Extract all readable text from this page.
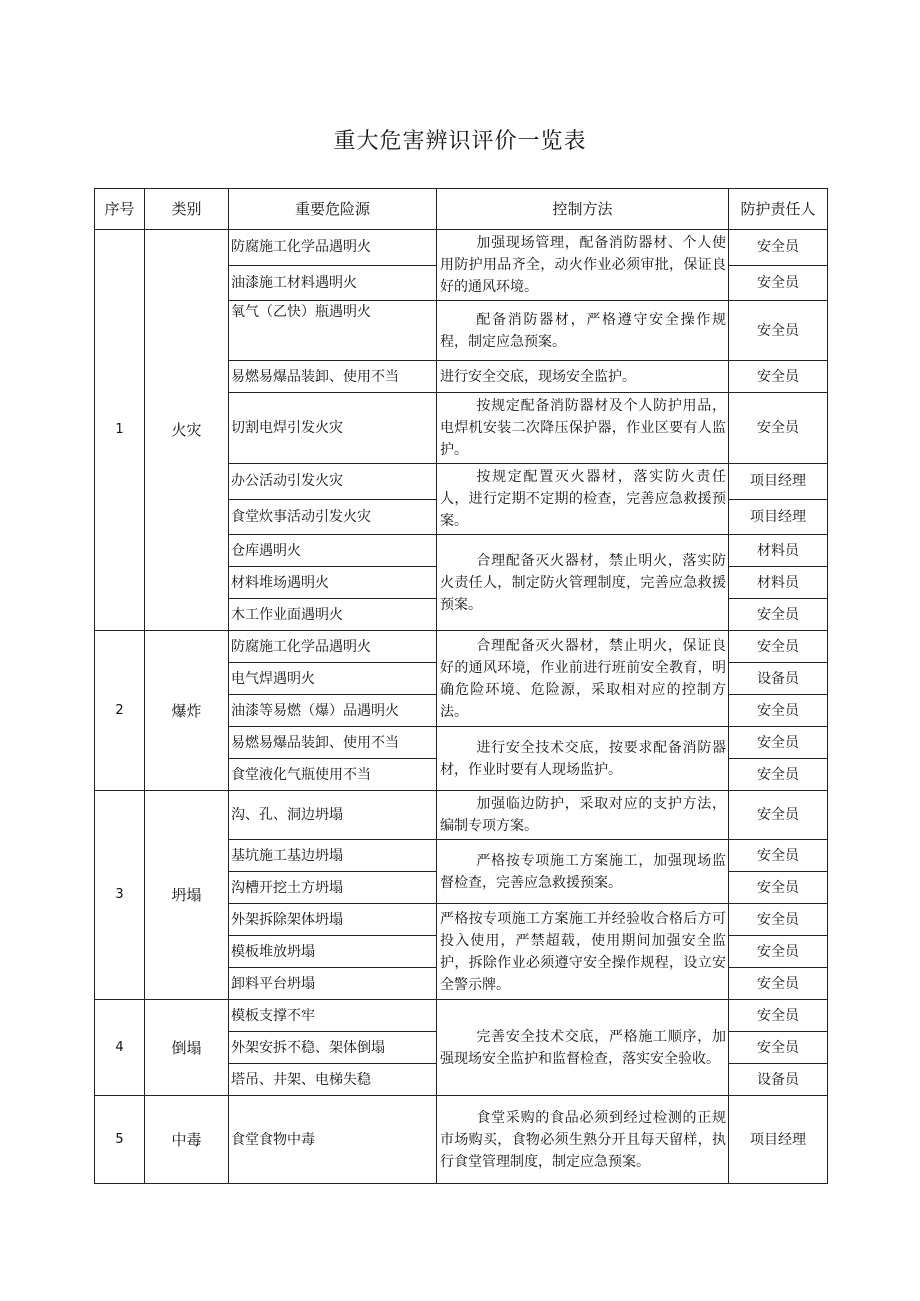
重大危害辨识评价一览表
序号	类别	重要危险源	控制方法	防护责任人
1	火灾	防腐施工化学品遇明火	加强现场管理，配备消防器材、个人使用防护用品齐全，动火作业必须审批，保证良好的通风环境。	安全员
		油漆施工材料遇明火		安全员
		氧气（乙快）瓶遇明火	配备消防器材，严格遵守安全操作规程，制定应急预案。	安全员
		易燃易爆品装卸、使用不当	进行安全交底，现场安全监护。	安全员
		切割电焊引发火灾	按规定配备消防器材及个人防护用品，电焊机安装二次降压保护器，作业区要有人监护。	安全员
		办公活动引发火灾	按规定配置灭火器材，落实防火责任人，进行定期不定期的检查，完善应急救援预案。	项目经理
		食堂炊事活动引发火灾		项目经理
		仓库遇明火	合理配备灭火器材，禁止明火，落实防火责任人，制定防火管理制度，完善应急救援预案。	材料员
		材料堆场遇明火		材料员
		木工作业面遇明火		安全员
2	爆炸	防腐施工化学品遇明火	合理配备灭火器材，禁止明火，保证良好的通风环境，作业前进行班前安全教育，明确危险环境、危险源，采取相对应的控制方法。	安全员
		电气焊遇明火		设备员
		油漆等易燃（爆）品遇明火		安全员
		易燃易爆品装卸、使用不当	进行安全技术交底，按要求配备消防器材，作业时要有人现场监护。	安全员
		食堂液化气瓶使用不当		安全员
3	坍塌	沟、孔、洞边坍塌	加强临边防护，采取对应的支护方法，编制专项方案。	安全员
		基坑施工基边坍塌	严格按专项施工方案施工，加强现场监督检查，完善应急救援预案。	安全员
		沟槽开挖土方坍塌		安全员
		外架拆除架体坍塌	严格按专项施工方案施工并经验收合格后方可投入使用，严禁超载，使用期间加强安全监护，拆除作业必须遵守安全操作规程，设立安全警示牌。	安全员
		模板堆放坍塌		安全员
		卸料平台坍塌		安全员
4	倒塌	模板支撑不牢	完善安全技术交底，严格施工顺序，加强现场安全监护和监督检查，落实安全验收。	安全员
		外架安拆不稳、架体倒塌		安全员
		塔吊、井架、电梯失稳		设备员
5	中毒	食堂食物中毒	食堂采购的食品必须到经过检测的正规市场购买，食物必须生熟分开且每天留样，执行食堂管理制度，制定应急预案。	项目经理
